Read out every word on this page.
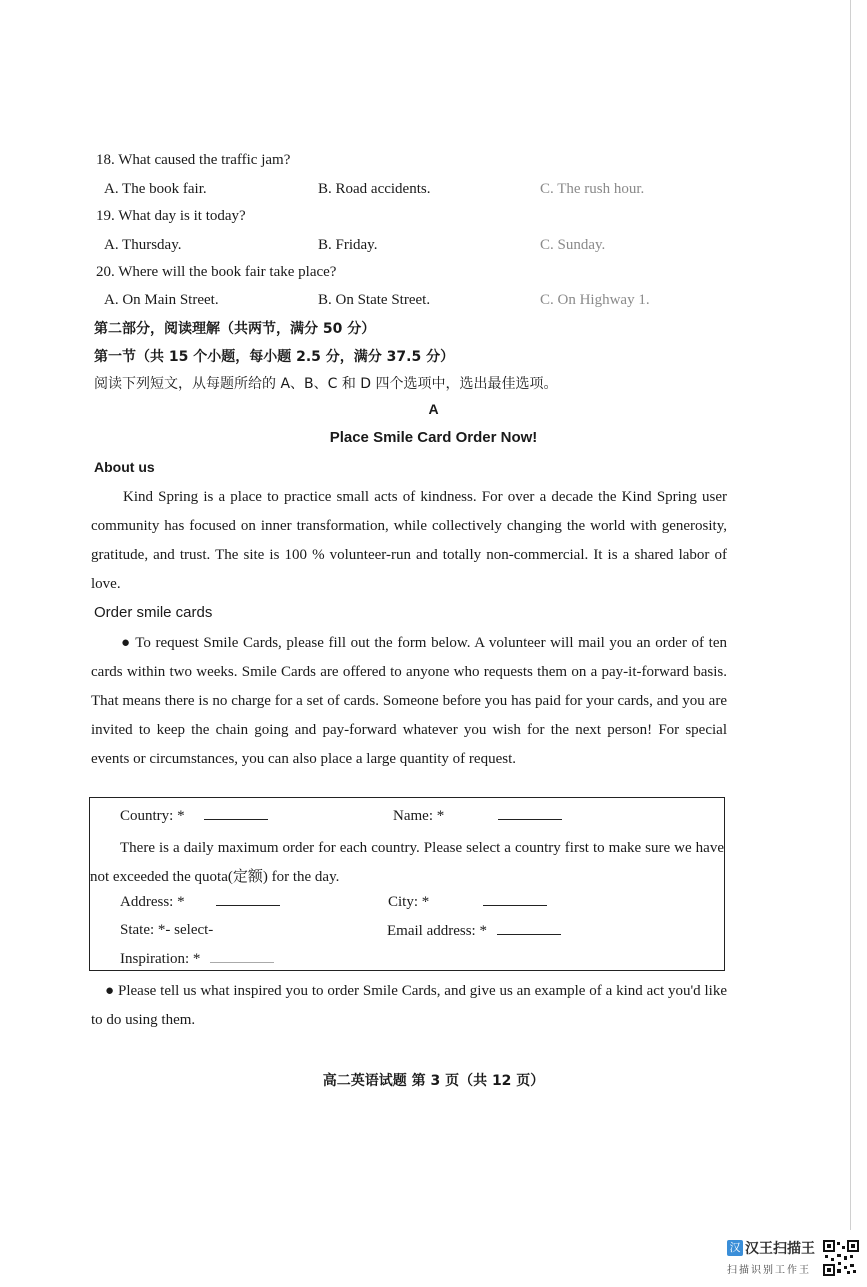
18. What caused the traffic jam?
A. The book fair.	B. Road accidents.	C. The rush hour.
19. What day is it today?
A. Thursday.	B. Friday.	C. Sunday.
20. Where will the book fair take place?
A. On Main Street.	B. On State Street.	C. On Highway 1.
第二部分，阅读理解（共两节，满分 50 分）
第一节（共 15 个小题，每小题 2.5 分，满分 37.5 分）
阅读下列短文，从每题所给的 A、B、C 和 D 四个选项中，选出最佳选项。
A
Place Smile Card Order Now!
About us

Kind Spring is a place to practice small acts of kindness. For over a decade the Kind Spring user community has focused on inner transformation, while collectively changing the world with generosity, gratitude, and trust. The site is 100 % volunteer-run and totally non-commercial. It is a shared labor of love.

Order smile cards

● To request Smile Cards, please fill out the form below. A volunteer will mail you an order of ten cards within two weeks. Smile Cards are offered to anyone who requests them on a pay-it-forward basis. That means there is no charge for a set of cards. Someone before you has paid for your cards, and you are invited to keep the chain going and pay-forward whatever you wish for the next person! For special events or circumstances, you can also place a large quantity of request.

Country: *	Name: *

There is a daily maximum order for each country. Please select a country first to make sure we have not exceeded the quota(定额) for the day.

Address: *	City: *
State: *- select-	Email address: *
Inspiration: *

● Please tell us what inspired you to order Smile Cards, and give us an example of a kind act you'd like to do using them.

高二英语试题 第 3 页（共 12 页）
汉 汉王扫描王
扫描识别工作王
